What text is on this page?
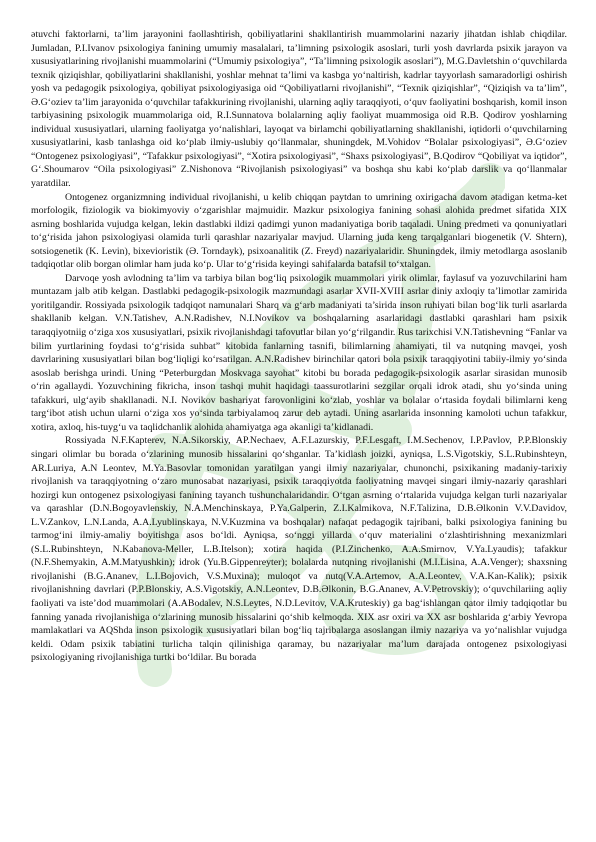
ətuvchi faktorlarni, ta’lim jarayonini faollashtirish, qobiliyatlarini shakllantirish muammolarini nazariy jihatdan ishlab chiqdilar. Jumladan, P.I.Ivanov psixologiya fanining umumiy masalalari, ta’limning psixologik asoslari, turli yosh davrlarda psixik jarayon va xususiyatlarining rivojlanishi muammolarini (“Umumiy psixologiya”, “Ta’limning psixologik asoslari”), M.G.Davletshin o‘quvchilarda texnik qiziqishlar, qobiliyatlarini shakllanishi, yoshlar mehnat ta’limi va kasbga yo‘naltirish, kadrlar tayyorlash samaradorligi oshirish yosh va pedagogik psixologiya, qobiliyat psixologiyasiga oid “Qobiliyatlarni rivojlanishi”, “Texnik qiziqishlar”, “Qiziqish va ta’lim”, Ə.G‘oziev ta’lim jarayonida o‘quvchilar tafakkurining rivojlanishi, ularning aqliy taraqqiyoti, o‘quv faoliyatini boshqarish, komil inson tarbiyasining psixologik muammolariga oid, R.I.Sunnatova bolalarning aqliy faoliyat muammosiga oid R.B. Qodirov yoshlarning individual xususiyatlari, ularning faoliyatga yo‘nalishlari, layoqat va birlamchi qobiliyatlarning shakllanishi, iqtidorli o‘quvchilarning xususiyatlarini, kasb tanlashga oid ko‘plab ilmiy-uslubiy qo‘llanmalar, shuningdek, M.Vohidov “Bolalar psixologiyasi”, Ə.G‘oziev “Ontogenez psixologiyasi”, “Tafakkur psixologiyasi”, “Xotira psixologiyasi”, “Shaxs psixologiyasi”, B.Qodirov “Qobiliyat va iqtidor”, G‘.Shoumarov “Oila psixologiyasi” Z.Nishonova “Rivojlanish psixologiyasi” va boshqa shu kabi ko‘plab darslik va qo‘llanmalar yaratdilar.

Ontogenez organizmning individual rivojlanishi, u kelib chiqqan paytdan to umrining oxirigacha davom ətadigan ketma-ket morfologik, fiziologik va biokimyoviy o‘zgarishlar majmuidir. Mazkur psixologiya fanining sohasi alohida predmet sifatida XIX asrning boshlarida vujudga kelgan, lekin dastlabki ildizi qadimgi yunon madaniyatiga borib taqaladi. Uning predmeti va qonuniyatlari to‘g‘risida jahon psixologiyasi olamida turli qarashlar nazariyalar mavjud. Ularning juda keng tarqalganlari biogenetik (V. Shtern), sotsiogenetik (K. Levin), bixevioristik (Ə. Torndayk), psixoanalitik (Z. Freyd) nazariyalaridir. Shuningdek, ilmiy metodlarga asoslanib tadqiqotlar olib borgan olimlar ham juda ko‘p. Ular to‘g‘risida keyingi sahifalarda batafsil to‘xtalgan.

Darvoqe yosh avlodning ta’lim va tarbiya bilan bog‘liq psixologik muammolari yirik olimlar, faylasuf va yozuvchilarini ham muntazam jalb ətib kelgan. Dastlabki pedagogik-psixologik mazmundagi asarlar XVII-XVIII asrlar diniy axloqiy ta’limotlar zamirida yoritilgandir. Rossiyada psixologik tadqiqot namunalari Sharq va g‘arb madaniyati ta’sirida inson ruhiyati bilan bog‘lik turli asarlarda shakllanib kelgan. V.N.Tatishev, A.N.Radishev, N.I.Novikov va boshqalarning asarlaridagi dastlabki qarashlari ham psixik taraqqiyotniig o‘ziga xos xususiyatlari, psixik rivojlanishdagi tafovutlar bilan yo‘g‘rilgandir. Rus tarixchisi V.N.Tatishevning “Fanlar va bilim yurtlarining foydasi to‘g‘risida suhbat” kitobida fanlarning tasnifi, bilimlarning ahamiyati, til va nutqning mavqei, yosh davrlarining xususiyatlari bilan bog‘liqligi ko‘rsatilgan. A.N.Radishev birinchilar qatori bola psixik taraqqiyotini tabiiy-ilmiy yo‘sinda asoslab berishga urindi. Uning “Peterburgdan Moskvaga sayohat” kitobi bu borada pedagogik-psixologik asarlar sirasidan munosib o‘rin əgallaydi. Yozuvchining fikricha, inson tashqi muhit haqidagi taassurotlarini sezgilar orqali idrok ətadi, shu yo‘sinda uning tafakkuri, ulg‘ayib shakllanadi. N.I. Novikov bashariyat farovonligini ko‘zlab, yoshlar va bolalar o‘rtasida foydali bilimlarni keng targ‘ibot ətish uchun ularni o‘ziga xos yo‘sinda tarbiyalamoq zarur deb aytadi. Uning asarlarida insonning kamoloti uchun tafakkur, xotira, axloq, his-tuyg‘u va taqlidchanlik alohida ahamiyatga əga əkanligi ta’kidlanadi.

Rossiyada N.F.Kapterev, N.A.Sikorskiy, AP.Nechaev, A.F.Lazurskiy, P.F.Lesgaft, I.M.Sechenov, I.P.Pavlov, P.P.Blonskiy singari olimlar bu borada o‘zlarining munosib hissalarini qo‘shganlar. Ta’kidlash joizki, ayniqsa, L.S.Vigotskiy, S.L.Rubinshteyn, AR.Luriya, A.N Leontev, M.Ya.Basovlar tomonidan yaratilgan yangi ilmiy nazariyalar, chunonchi, psixikaning madaniy-tarixiy rivojlanish va taraqqiyotning o‘zaro munosabat nazariyasi, psixik taraqqiyotda faoliyatning mavqei singari ilmiy-nazariy qarashlari hozirgi kun ontogenez psixologiyasi fanining tayanch tushunchalaridandir. O‘tgan asrning o‘rtalarida vujudga kelgan turli nazariyalar va qarashlar (D.N.Bogoyavlenskiy, N.A.Menchinskaya, P.Ya.Galperin, Z.I.Kalmikova, N.F.Talizina, D.B.Əlkonin V.V.Davidov, L.V.Zankov, L.N.Landa, A.A.Lyublinskaya, N.V.Kuzmina va boshqalar) nafaqat pedagogik tajribani, balki psixologiya fanining bu tarmog‘ini ilmiy-amaliy boyitishga asos bo‘ldi. Ayniqsa, so‘nggi yillarda o‘quv materialini o‘zlashtirishning mexanizmlari (S.L.Rubinshteyn, N.Kabanova-Meller, L.B.Itelson); xotira haqida (P.I.Zinchenko, A.A.Smirnov, V.Ya.Lyaudis); tafakkur (N.F.Shemyakin, A.M.Matyushkin); idrok (Yu.B.Gippenreyter); bolalarda nutqning rivojlanishi (M.I.Lisina, A.A.Venger); shaxsning rivojlanishi (B.G.Ananev, L.I.Bojovich, V.S.Muxina); muloqot va nutq(V.A.Artemov, A.A.Leontev, V.A.Kan-Kalik); psixik rivojlanishning davrlari (P.P.Blonskiy, A.S.Vigotskiy, A.N.Leontev, D.B.Əlkonin, B.G.Ananev, A.V.Petrovskiy); o‘quvchilariing aqliy faoliyati va iste’dod muammolari (A.ABodalev, N.S.Leytes, N.D.Levitov, V.A.Kruteskiy) ga bag‘ishlangan qator ilmiy tadqiqotlar bu fanning yanada rivojlanishiga o‘zlarining munosib hissalarini qo‘shib kelmoqda. XIX asr oxiri va XX asr boshlarida g‘arbiy Yevropa mamlakatlari va AQShda inson psixologik xususiyatlari bilan bog‘liq tajribalarga asoslangan ilmiy nazariya va yo‘nalishlar vujudga keldi. Odam psixik tabiatini turlicha talqin qilinishiga qaramay, bu nazariyalar ma’lum darajada ontogenez psixologiyasi psixologiyaning rivojlanishiga turtki bo‘ldilar. Bu borada
